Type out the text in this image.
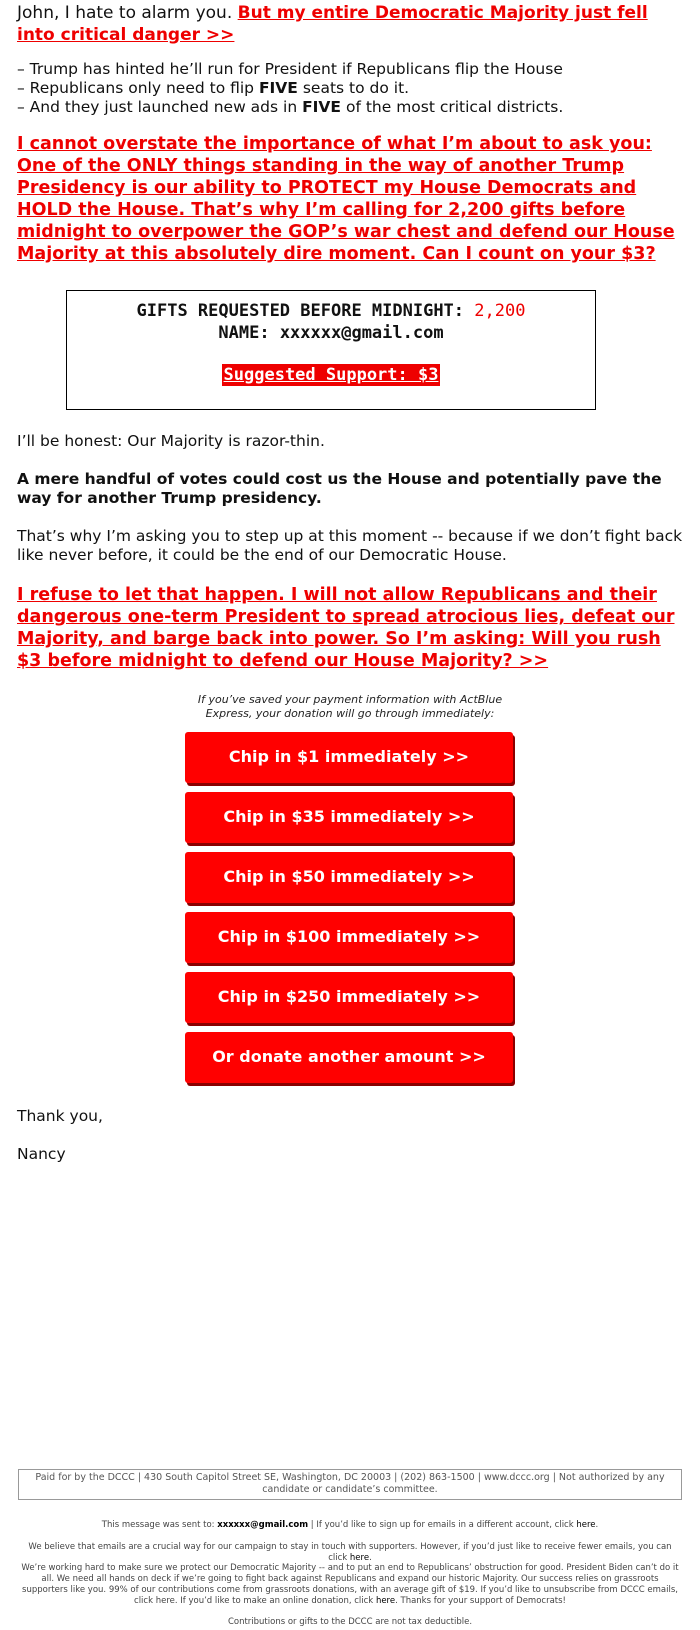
John, I hate to alarm you. But my entire Democratic Majority just fell into critical danger >>
– Trump has hinted he’ll run for President if Republicans flip the House
– Republicans only need to flip FIVE seats to do it.
– And they just launched new ads in FIVE of the most critical districts.
I cannot overstate the importance of what I’m about to ask you: One of the ONLY things standing in the way of another Trump Presidency is our ability to PROTECT my House Democrats and HOLD the House. That’s why I’m calling for 2,200 gifts before midnight to overpower the GOP’s war chest and defend our House Majority at this absolutely dire moment. Can I count on your $3?
GIFTS REQUESTED BEFORE MIDNIGHT: 2,200
NAME: xxxxxx@gmail.com
Suggested Support: $3
I’ll be honest: Our Majority is razor-thin.
A mere handful of votes could cost us the House and potentially pave the way for another Trump presidency.
That’s why I’m asking you to step up at this moment -- because if we don’t fight back like never before, it could be the end of our Democratic House.
I refuse to let that happen. I will not allow Republicans and their dangerous one-term President to spread atrocious lies, defeat our Majority, and barge back into power. So I’m asking: Will you rush $3 before midnight to defend our House Majority? >>
If you’ve saved your payment information with ActBlue Express, your donation will go through immediately:
Chip in $1 immediately >>
Chip in $35 immediately >>
Chip in $50 immediately >>
Chip in $100 immediately >>
Chip in $250 immediately >>
Or donate another amount >>
Thank you,
Nancy
Paid for by the DCCC | 430 South Capitol Street SE, Washington, DC 20003 | (202) 863-1500 | www.dccc.org | Not authorized by any candidate or candidate’s committee.
This message was sent to: xxxxxx@gmail.com | If you’d like to sign up for emails in a different account, click here.
We believe that emails are a crucial way for our campaign to stay in touch with supporters. However, if you’d just like to receive fewer emails, you can click here.
We’re working hard to make sure we protect our Democratic Majority -- and to put an end to Republicans’ obstruction for good. President Biden can’t do it all. We need all hands on deck if we’re going to fight back against Republicans and expand our historic Majority. Our success relies on grassroots supporters like you. 99% of our contributions come from grassroots donations, with an average gift of $19. If you’d like to unsubscribe from DCCC emails, click here. If you’d like to make an online donation, click here. Thanks for your support of Democrats!
Contributions or gifts to the DCCC are not tax deductible.
